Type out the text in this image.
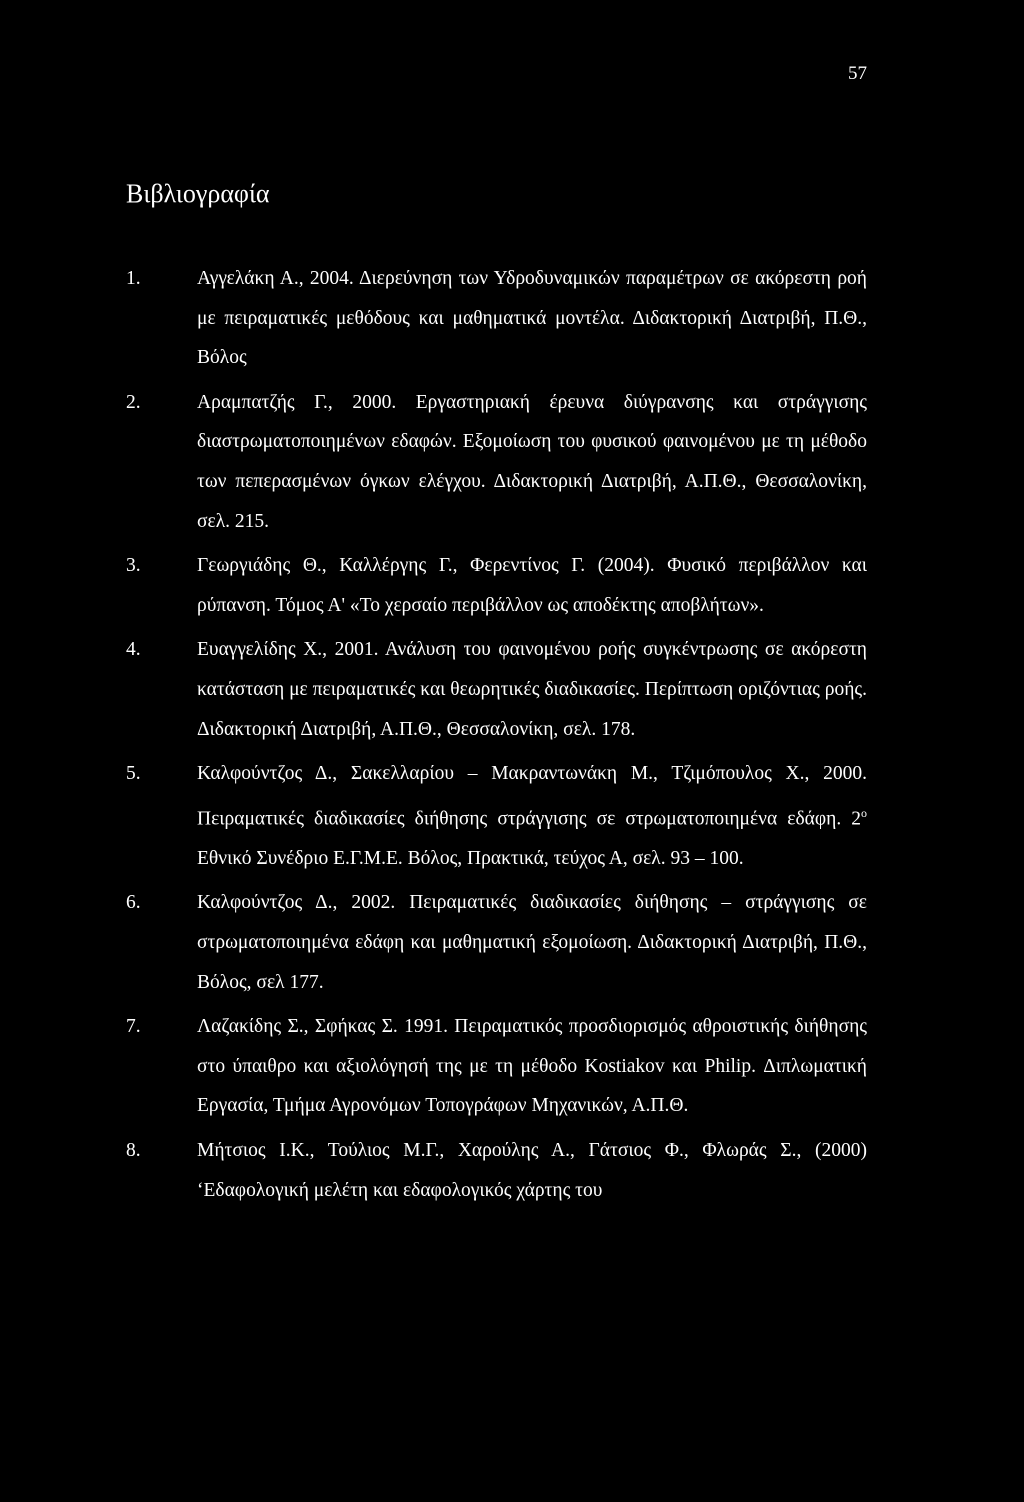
57
Βιβλιογραφία
1.	Αγγελάκη Α., 2004. Διερεύνηση των Υδροδυναμικών παραμέτρων σε ακόρεστη ροή με πειραματικές μεθόδους και μαθηματικά μοντέλα. Διδακτορική Διατριβή, Π.Θ., Βόλος
2.	Αραμπατζής Γ., 2000. Εργαστηριακή έρευνα διύγρανσης και στράγγισης διαστρωματοποιημένων εδαφών. Εξομοίωση του φυσικού φαινομένου με τη μέθοδο των πεπερασμένων όγκων ελέγχου. Διδακτορική Διατριβή, Α.Π.Θ., Θεσσαλονίκη, σελ. 215.
3.	Γεωργιάδης Θ., Καλλέργης Γ., Φερεντίνος Γ. (2004). Φυσικό περιβάλλον και ρύπανση. Τόμος Α' «Το χερσαίο περιβάλλον ως αποδέκτης αποβλήτων».
4.	Ευαγγελίδης Χ., 2001. Ανάλυση του φαινομένου ροής συγκέντρωσης σε ακόρεστη κατάσταση με πειραματικές και θεωρητικές διαδικασίες. Περίπτωση οριζόντιας ροής. Διδακτορική Διατριβή, Α.Π.Θ., Θεσσαλονίκη, σελ. 178.
5.	Καλφούντζος Δ., Σακελλαρίου – Μακραντωνάκη Μ., Τζιμόπουλος Χ., 2000. Πειραματικές διαδικασίες διήθησης στράγγισης σε στρωματοποιημένα εδάφη. $2^o$ Εθνικό Συνέδριο Ε.Γ.Μ.Ε. Βόλος, Πρακτικά, τεύχος Α, σελ. 93 – 100.
6.	Καλφούντζος Δ., 2002. Πειραματικές διαδικασίες διήθησης – στράγγισης σε στρωματοποιημένα εδάφη και μαθηματική εξομοίωση. Διδακτορική Διατριβή, Π.Θ., Βόλος, σελ 177.
7.	Λαζακίδης Σ., Σφήκας Σ. 1991. Πειραματικός προσδιορισμός αθροιστικής διήθησης στο ύπαιθρο και αξιολόγησή της με τη μέθοδο Kostiakov και Philip. Διπλωματική Εργασία, Τμήμα Αγρονόμων Τοπογράφων Μηχανικών, Α.Π.Θ.
8.	Μήτσιος Ι.Κ., Τούλιος Μ.Γ., Χαρούλης Α., Γάτσιος Φ., Φλωράς Σ., (2000) ‘Εδαφολογική μελέτη και εδαφολογικός χάρτης του
